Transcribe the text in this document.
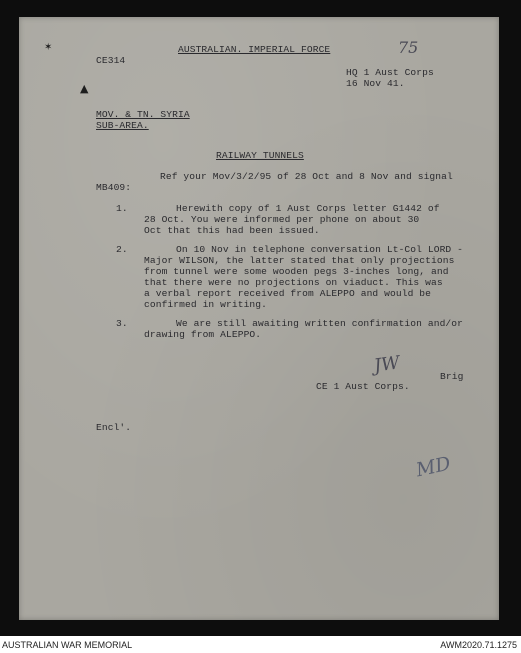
✶
▲
CE314
AUSTRALIAN. IMPERIAL FORCE	75
HQ 1 Aust Corps
16 Nov 41.
MOV. & TN. SYRIA
SUB-AREA.
RAILWAY TUNNELS
Ref your Mov/3/2/95 of 28 Oct and 8 Nov and signal
MB409:
1.	Herewith copy of 1 Aust Corps letter G1442 of
28 Oct. You were informed per phone on about 30
Oct that this had been issued.
2.	On 10 Nov in telephone conversation Lt-Col LORD -
Major WILSON, the latter stated that only projections
from tunnel were some wooden pegs 3-inches long, and
that there were no projections on viaduct. This was
a verbal report received from ALEPPO and would be
confirmed in writing.
3.	We are still awaiting written confirmation and/or
drawing from ALEPPO.
JW	Brig
CE 1 Aust Corps.
Encl'.
MD
AUSTRALIAN WAR MEMORIAL	AWM2020.71.1275
